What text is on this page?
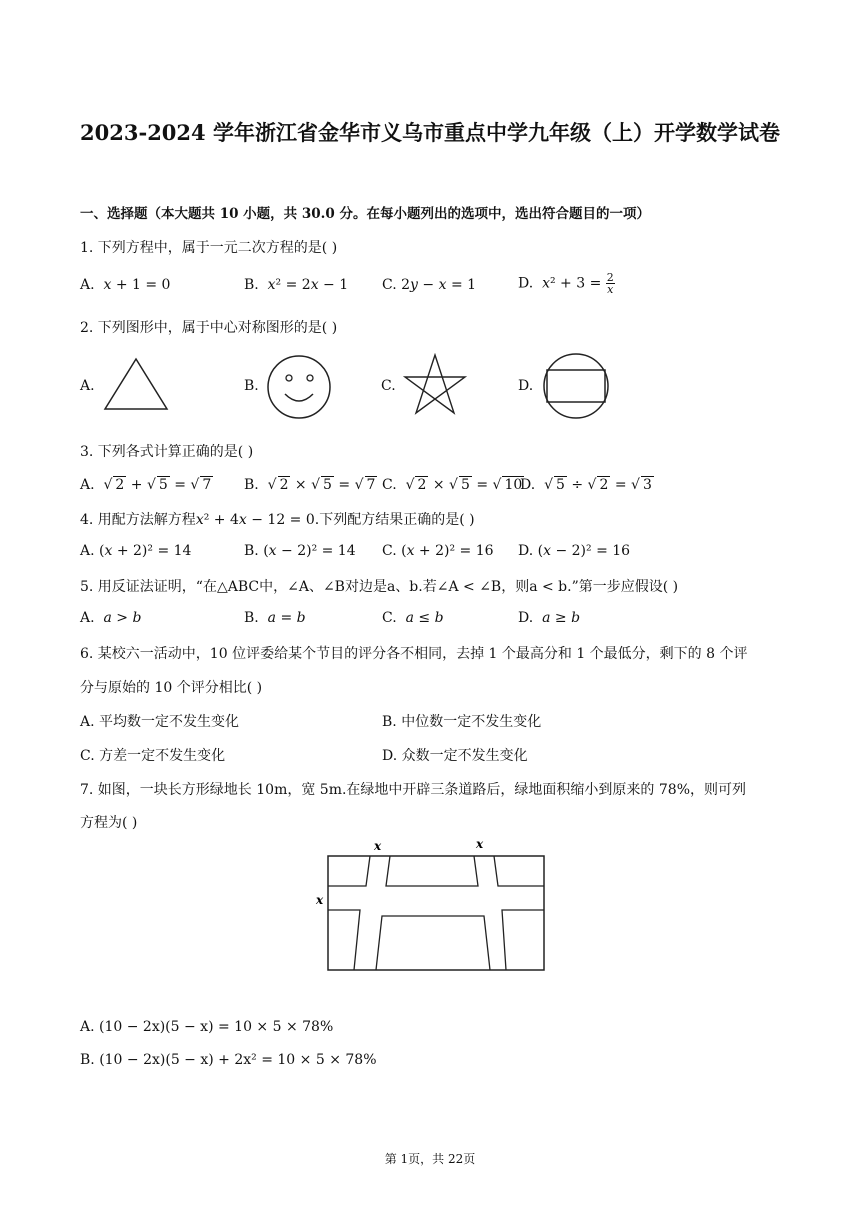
2023-2024 学年浙江省金华市义乌市重点中学九年级（上）开学数学试卷
一、选择题（本大题共 10 小题，共 30.0 分。在每小题列出的选项中，选出符合题目的一项）
1. 下列方程中，属于一元二次方程的是( )
A.  x + 1 = 0	B.  x² = 2x − 1 C. 2y − x = 1	D.  $x^2 + 3 = \frac{2}{x}$
2. 下列图形中，属于中心对称图形的是( )
A.	B.	C.	D.
3. 下列各式计算正确的是( )
A.  √ 2 + √ 5 = √ 7 B.  √ 2 × √ 5 = √ 7 C.  √ 2 × √ 5 = √ 10
D.  √ 5 ÷ √ 2 = √ 3
4. 用配方法解方程x² + 4x − 12 = 0.下列配方结果正确的是( )
A. (x + 2)² = 14	B. (x − 2)² = 14 C. (x + 2)² = 16 D. (x − 2)² = 16
5. 用反证法证明，“在△ABC中，∠A、∠B对边是a、b.若∠A < ∠B，则a < b.”第一步应假设( )
A.  a > b	B.  a = b	C.  a ≤ b	D.  a ≥ b
6. 某校六一活动中，10 位评委给某个节目的评分各不相同，去掉 1 个最高分和 1 个最低分，剩下的 8 个评
分与原始的 10 个评分相比( )
A. 平均数一定不发生变化	B. 中位数一定不发生变化
C. 方差一定不发生变化	D. 众数一定不发生变化
7. 如图，一块长方形绿地长 10m，宽 5m.在绿地中开辟三条道路后，绿地面积缩小到原来的 78%，则可列
方程为( )
x	x
x
A. (10 − 2x)(5 − x) = 10 × 5 × 78%
B. (10 − 2x)(5 − x) + 2x² = 10 × 5 × 78%
第 1页，共 22页
